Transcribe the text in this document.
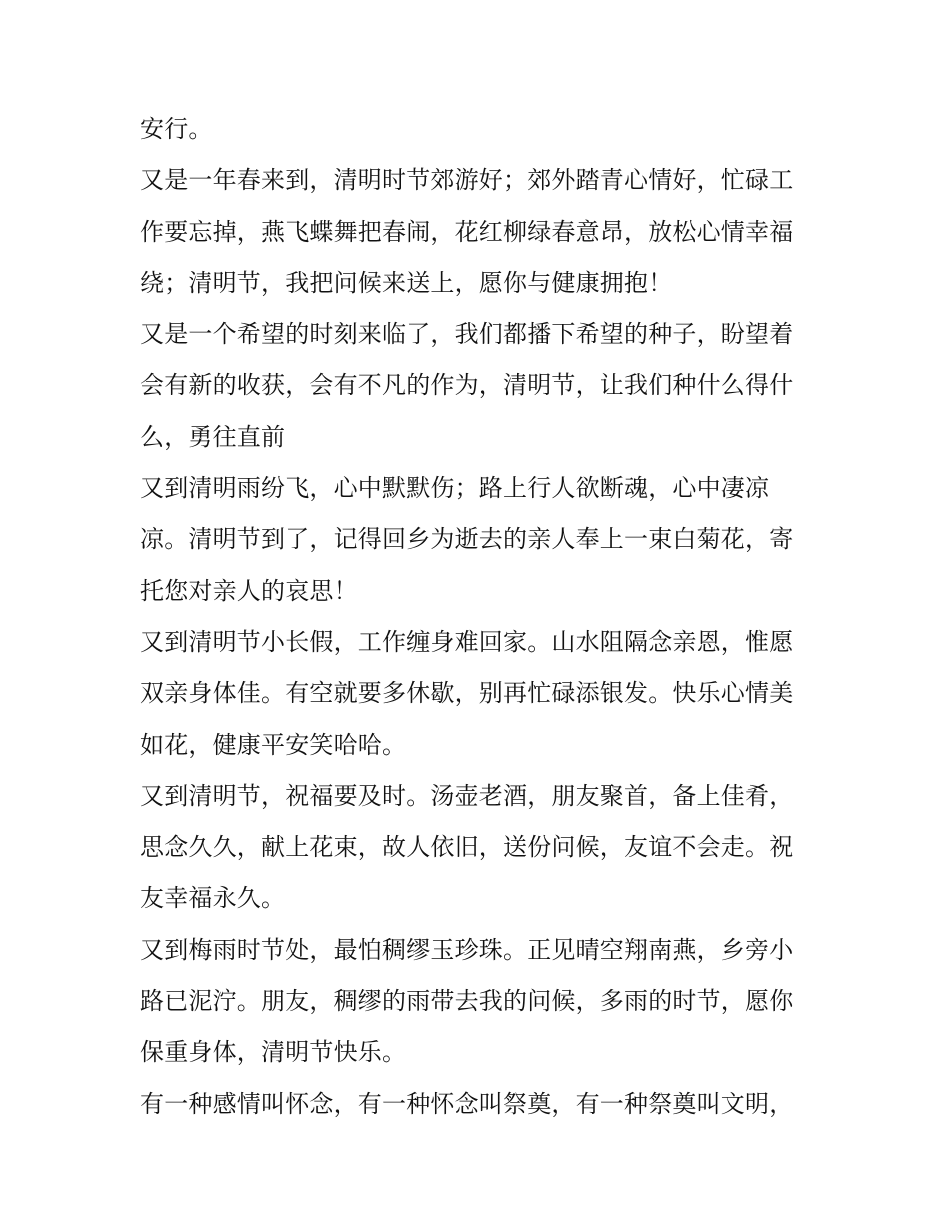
安行。
又是一年春来到，清明时节郊游好；郊外踏青心情好，忙碌工
作要忘掉，燕飞蝶舞把春闹，花红柳绿春意昂，放松心情幸福
绕；清明节，我把问候来送上，愿你与健康拥抱！
又是一个希望的时刻来临了，我们都播下希望的种子，盼望着
会有新的收获，会有不凡的作为，清明节，让我们种什么得什
么，勇往直前
又到清明雨纷飞，心中默默伤；路上行人欲断魂，心中凄凉
凉。清明节到了，记得回乡为逝去的亲人奉上一束白菊花，寄
托您对亲人的哀思！
又到清明节小长假，工作缠身难回家。山水阻隔念亲恩，惟愿
双亲身体佳。有空就要多休歇，别再忙碌添银发。快乐心情美
如花，健康平安笑哈哈。
又到清明节，祝福要及时。汤壶老酒，朋友聚首，备上佳肴，
思念久久，献上花束，故人依旧，送份问候，友谊不会走。祝
友幸福永久。
又到梅雨时节处，最怕稠缪玉珍珠。正见晴空翔南燕，乡旁小
路已泥泞。朋友，稠缪的雨带去我的问候，多雨的时节，愿你
保重身体，清明节快乐。
有一种感情叫怀念，有一种怀念叫祭奠，有一种祭奠叫文明，
